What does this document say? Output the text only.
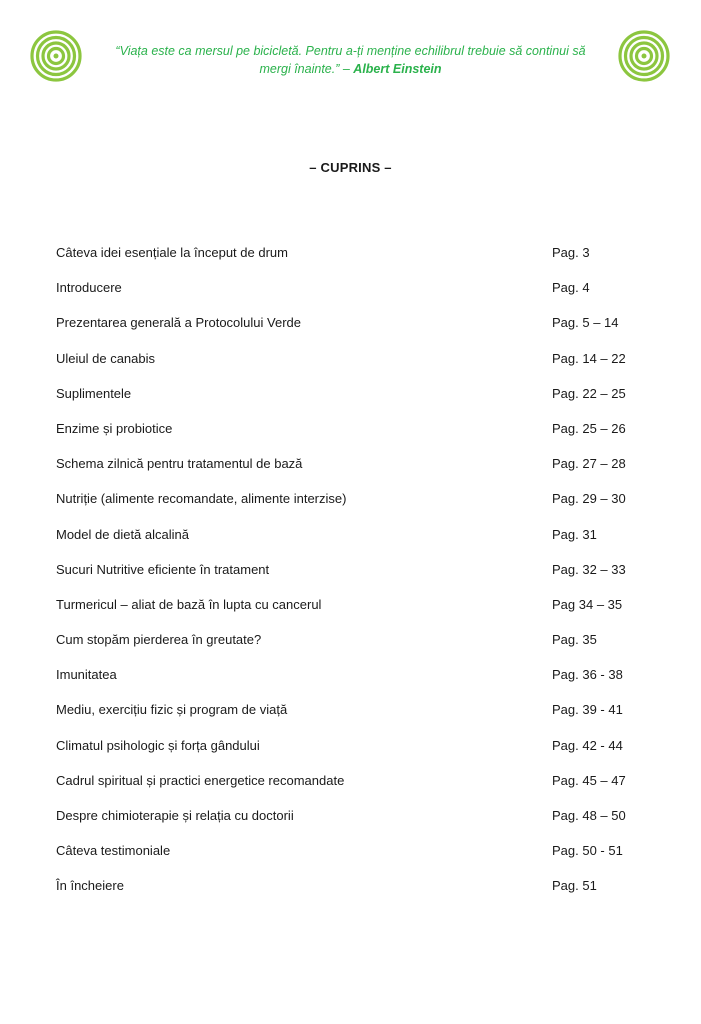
“Viața este ca mersul pe bicicletă. Pentru a-ți menține echilibrul trebuie să continui să mergi înainte.” – Albert Einstein
– CUPRINS –
Câteva idei esențiale la început de drum	Pag. 3
Introducere	Pag. 4
Prezentarea generală a Protocolului Verde	Pag. 5 – 14
Uleiul de canabis	Pag. 14 – 22
Suplimentele	Pag. 22 – 25
Enzime și probiotice	Pag. 25 – 26
Schema zilnică pentru tratamentul de bază	Pag. 27 – 28
Nutriție (alimente recomandate, alimente interzise)	Pag. 29 – 30
Model de dietă alcalină	Pag. 31
Sucuri Nutritive eficiente în tratament	Pag. 32 – 33
Turmericul – aliat de bază în lupta cu cancerul	Pag 34 – 35
Cum stopăm pierderea în greutate?	Pag. 35
Imunitatea	Pag. 36 - 38
Mediu, exercițiu fizic și program de viață	Pag. 39 - 41
Climatul psihologic și forța gândului	Pag. 42 - 44
Cadrul spiritual și practici energetice recomandate	Pag. 45 – 47
Despre chimioterapie și relația cu doctorii	Pag. 48 – 50
Câteva testimoniale	Pag. 50 - 51
În încheiere	Pag. 51
